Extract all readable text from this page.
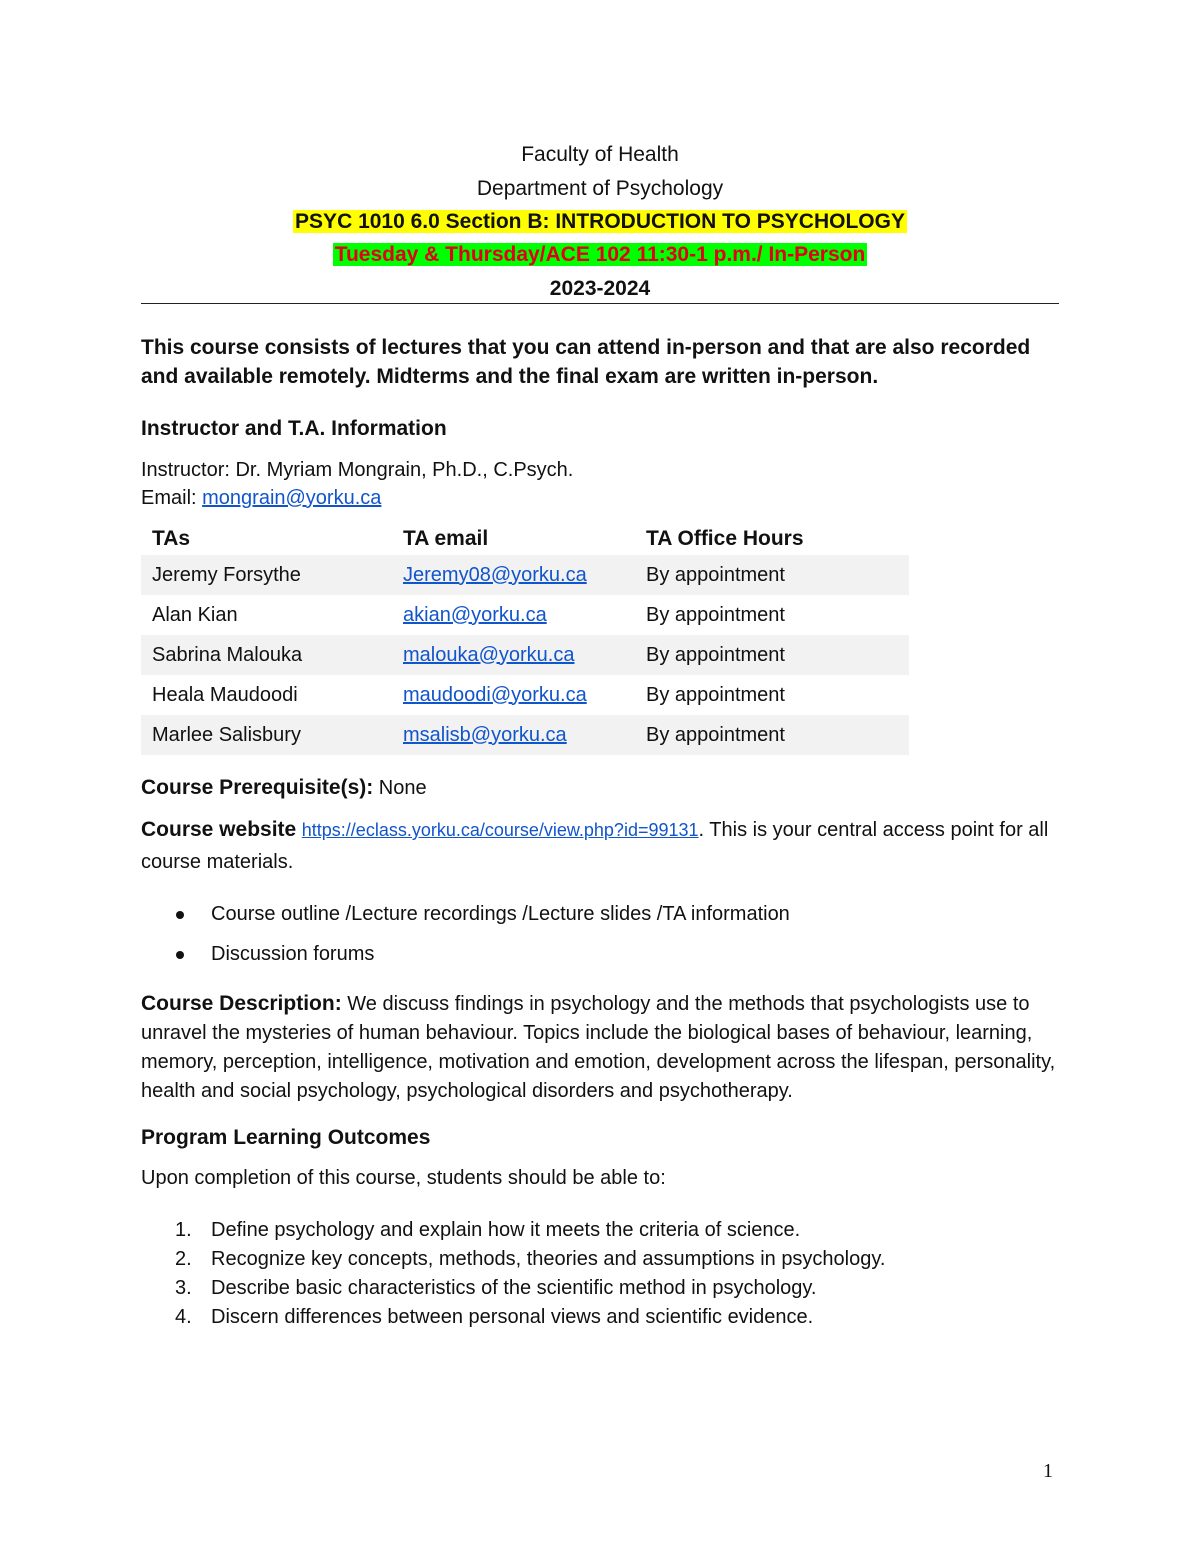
Faculty of Health
Department of Psychology
PSYC 1010 6.0 Section B: INTRODUCTION TO PSYCHOLOGY
Tuesday & Thursday/ACE 102 11:30-1 p.m./ In-Person
2023-2024
This course consists of lectures that you can attend in-person and that are also recorded and available remotely. Midterms and the final exam are written in-person.
Instructor and T.A. Information
Instructor: Dr. Myriam Mongrain, Ph.D., C.Psych.
Email: mongrain@yorku.ca
TAs	TA email	TA Office Hours
Jeremy Forsythe	Jeremy08@yorku.ca	By appointment
Alan Kian	akian@yorku.ca	By appointment
Sabrina Malouka	malouka@yorku.ca	By appointment
Heala Maudoodi	maudoodi@yorku.ca	By appointment
Marlee Salisbury	msalisb@yorku.ca	By appointment
Course Prerequisite(s): None
Course website https://eclass.yorku.ca/course/view.php?id=99131. This is your central access point for all course materials.
Course outline /Lecture recordings /Lecture slides /TA information
Discussion forums
Course Description: We discuss findings in psychology and the methods that psychologists use to unravel the mysteries of human behaviour. Topics include the biological bases of behaviour, learning, memory, perception, intelligence, motivation and emotion, development across the lifespan, personality, health and social psychology, psychological disorders and psychotherapy.
Program Learning Outcomes
Upon completion of this course, students should be able to:
1. Define psychology and explain how it meets the criteria of science.
2. Recognize key concepts, methods, theories and assumptions in psychology.
3. Describe basic characteristics of the scientific method in psychology.
4. Discern differences between personal views and scientific evidence.
1
